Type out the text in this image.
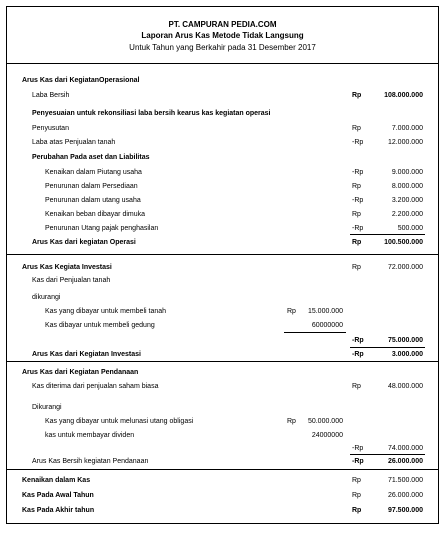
PT. CAMPURAN PEDIA.COM
Laporan Arus Kas Metode Tidak Langsung
Untuk Tahun yang Berkahir pada 31 Desember 2017
Arus Kas dari KegiatanOperasional
Laba Bersih	Rp	108.000.000
Penyesuaian untuk rekonsiliasi laba bersih kearus kas kegiatan operasi
Penyusutan	Rp	7.000.000
Laba atas Penjualan tanah	-Rp	12.000.000
Perubahan Pada aset dan Liabilitas
Kenaikan dalam Piutang usaha	-Rp	9.000.000
Penurunan dalam Persediaan	Rp	8.000.000
Penurunan dalam utang usaha	-Rp	3.200.000
Kenaikan beban dibayar dimuka	Rp	2.200.000
Penurunan Utang pajak penghasilan	-Rp	500.000
Arus Kas dari kegiatan Operasi	Rp	100.500.000
Arus Kas Kegiata Investasi	Rp	72.000.000
Kas dari Penjualan tanah
dikurangi
Kas yang dibayar untuk membeli tanah	Rp 15.000.000
Kas dibayar untuk membeli gedung	60000000
-Rp	75.000.000
Arus Kas dari Kegiatan Investasi	-Rp	3.000.000
Arus Kas dari Kegiatan Pendanaan
Kas diterima dari penjualan saham biasa	Rp	48.000.000
Dikurangi
Kas yang dibayar untuk melunasi utang obligasi	Rp 50.000.000
kas untuk membayar dividen	24000000
-Rp	74.000.000
Arus Kas Bersih kegiatan Pendanaan	-Rp	26.000.000
Kenaikan dalam Kas	Rp	71.500.000
Kas Pada Awal Tahun	Rp	26.000.000
Kas Pada Akhir tahun	Rp	97.500.000
